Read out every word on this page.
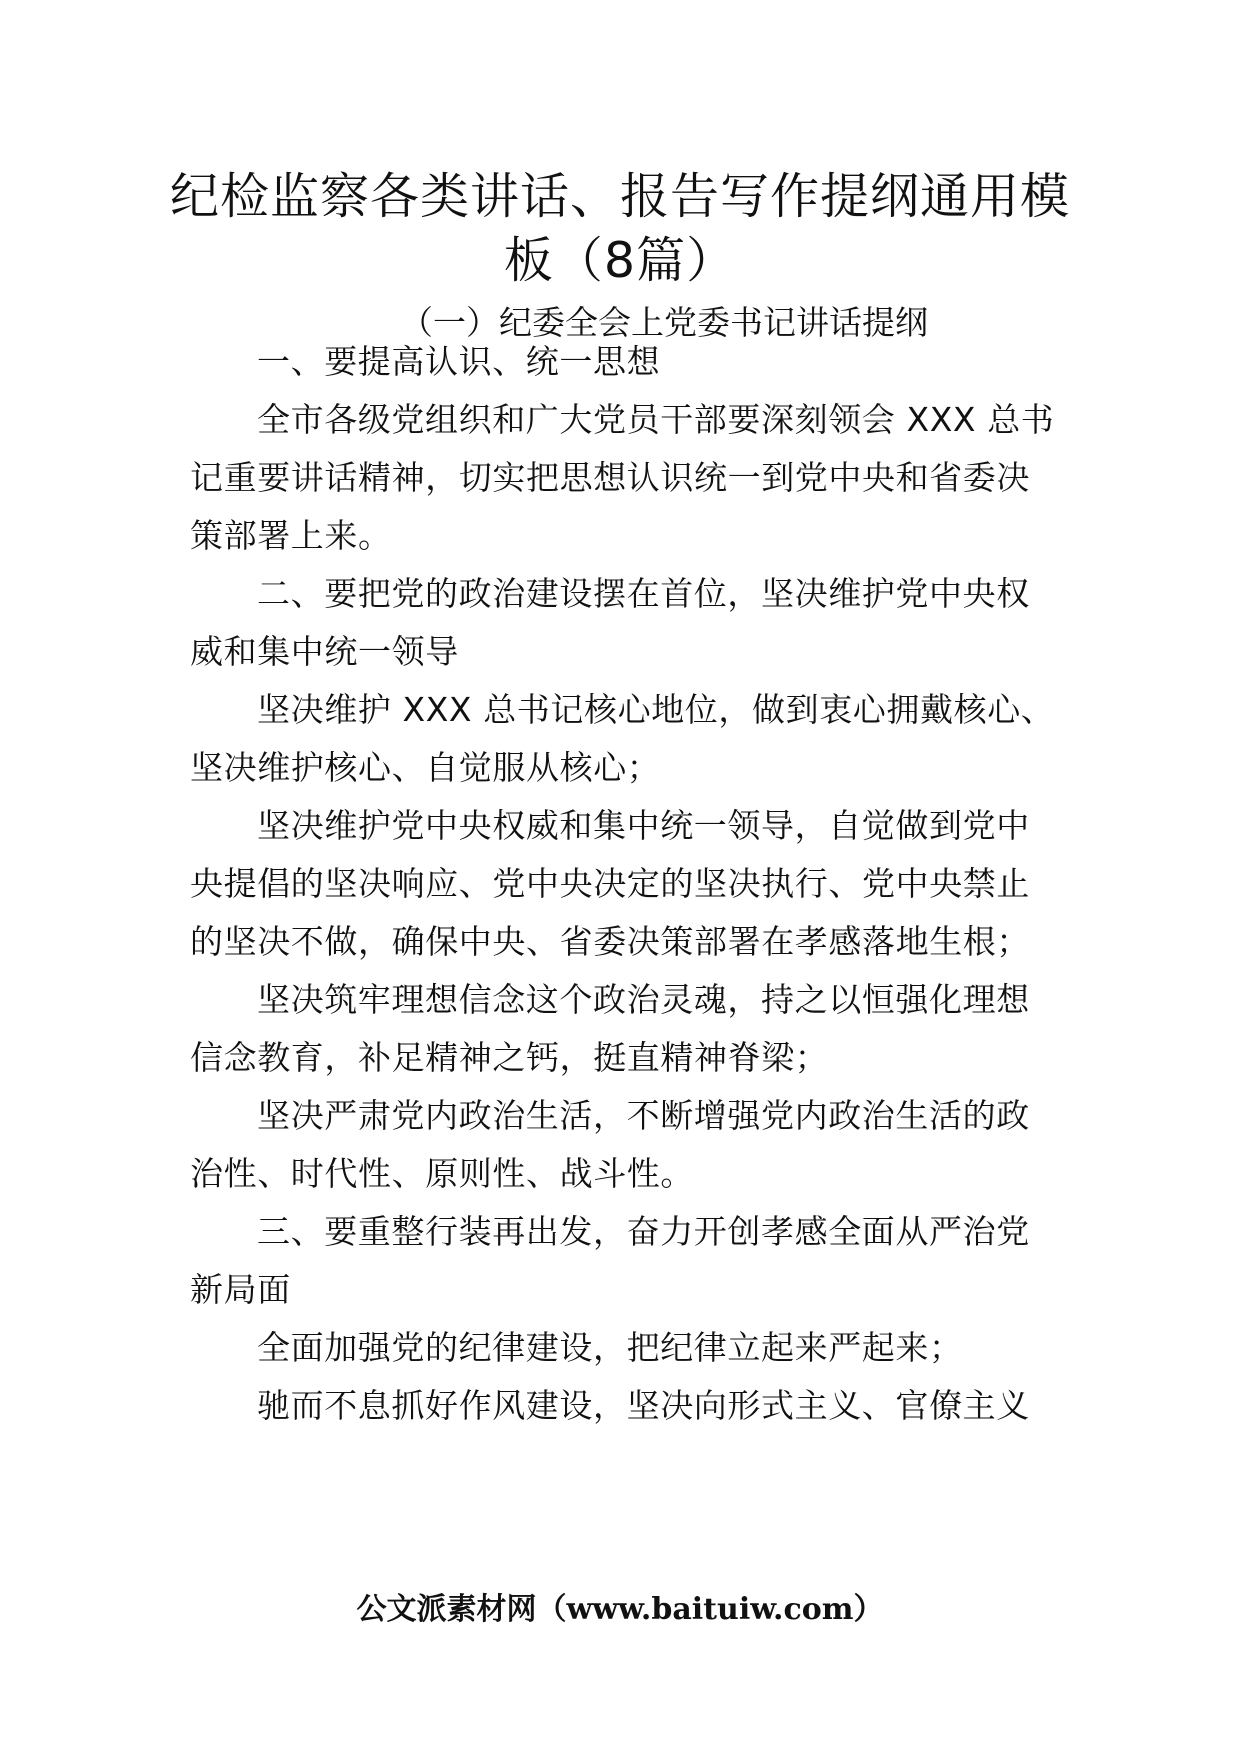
纪检监察各类讲话、报告写作提纲通用模
板（8篇）
（一）纪委全会上党委书记讲话提纲
一、要提高认识、统一思想
全市各级党组织和广大党员干部要深刻领会 XXX 总书
记重要讲话精神，切实把思想认识统一到党中央和省委决
策部署上来。
二、要把党的政治建设摆在首位，坚决维护党中央权
威和集中统一领导
坚决维护 XXX 总书记核心地位，做到衷心拥戴核心、
坚决维护核心、自觉服从核心；
坚决维护党中央权威和集中统一领导，自觉做到党中
央提倡的坚决响应、党中央决定的坚决执行、党中央禁止
的坚决不做，确保中央、省委决策部署在孝感落地生根；
坚决筑牢理想信念这个政治灵魂，持之以恒强化理想
信念教育，补足精神之钙，挺直精神脊梁；
坚决严肃党内政治生活，不断增强党内政治生活的政
治性、时代性、原则性、战斗性。
三、要重整行装再出发，奋力开创孝感全面从严治党
新局面
全面加强党的纪律建设，把纪律立起来严起来；
驰而不息抓好作风建设，坚决向形式主义、官僚主义
公文派素材网（www.baituiw.com）
